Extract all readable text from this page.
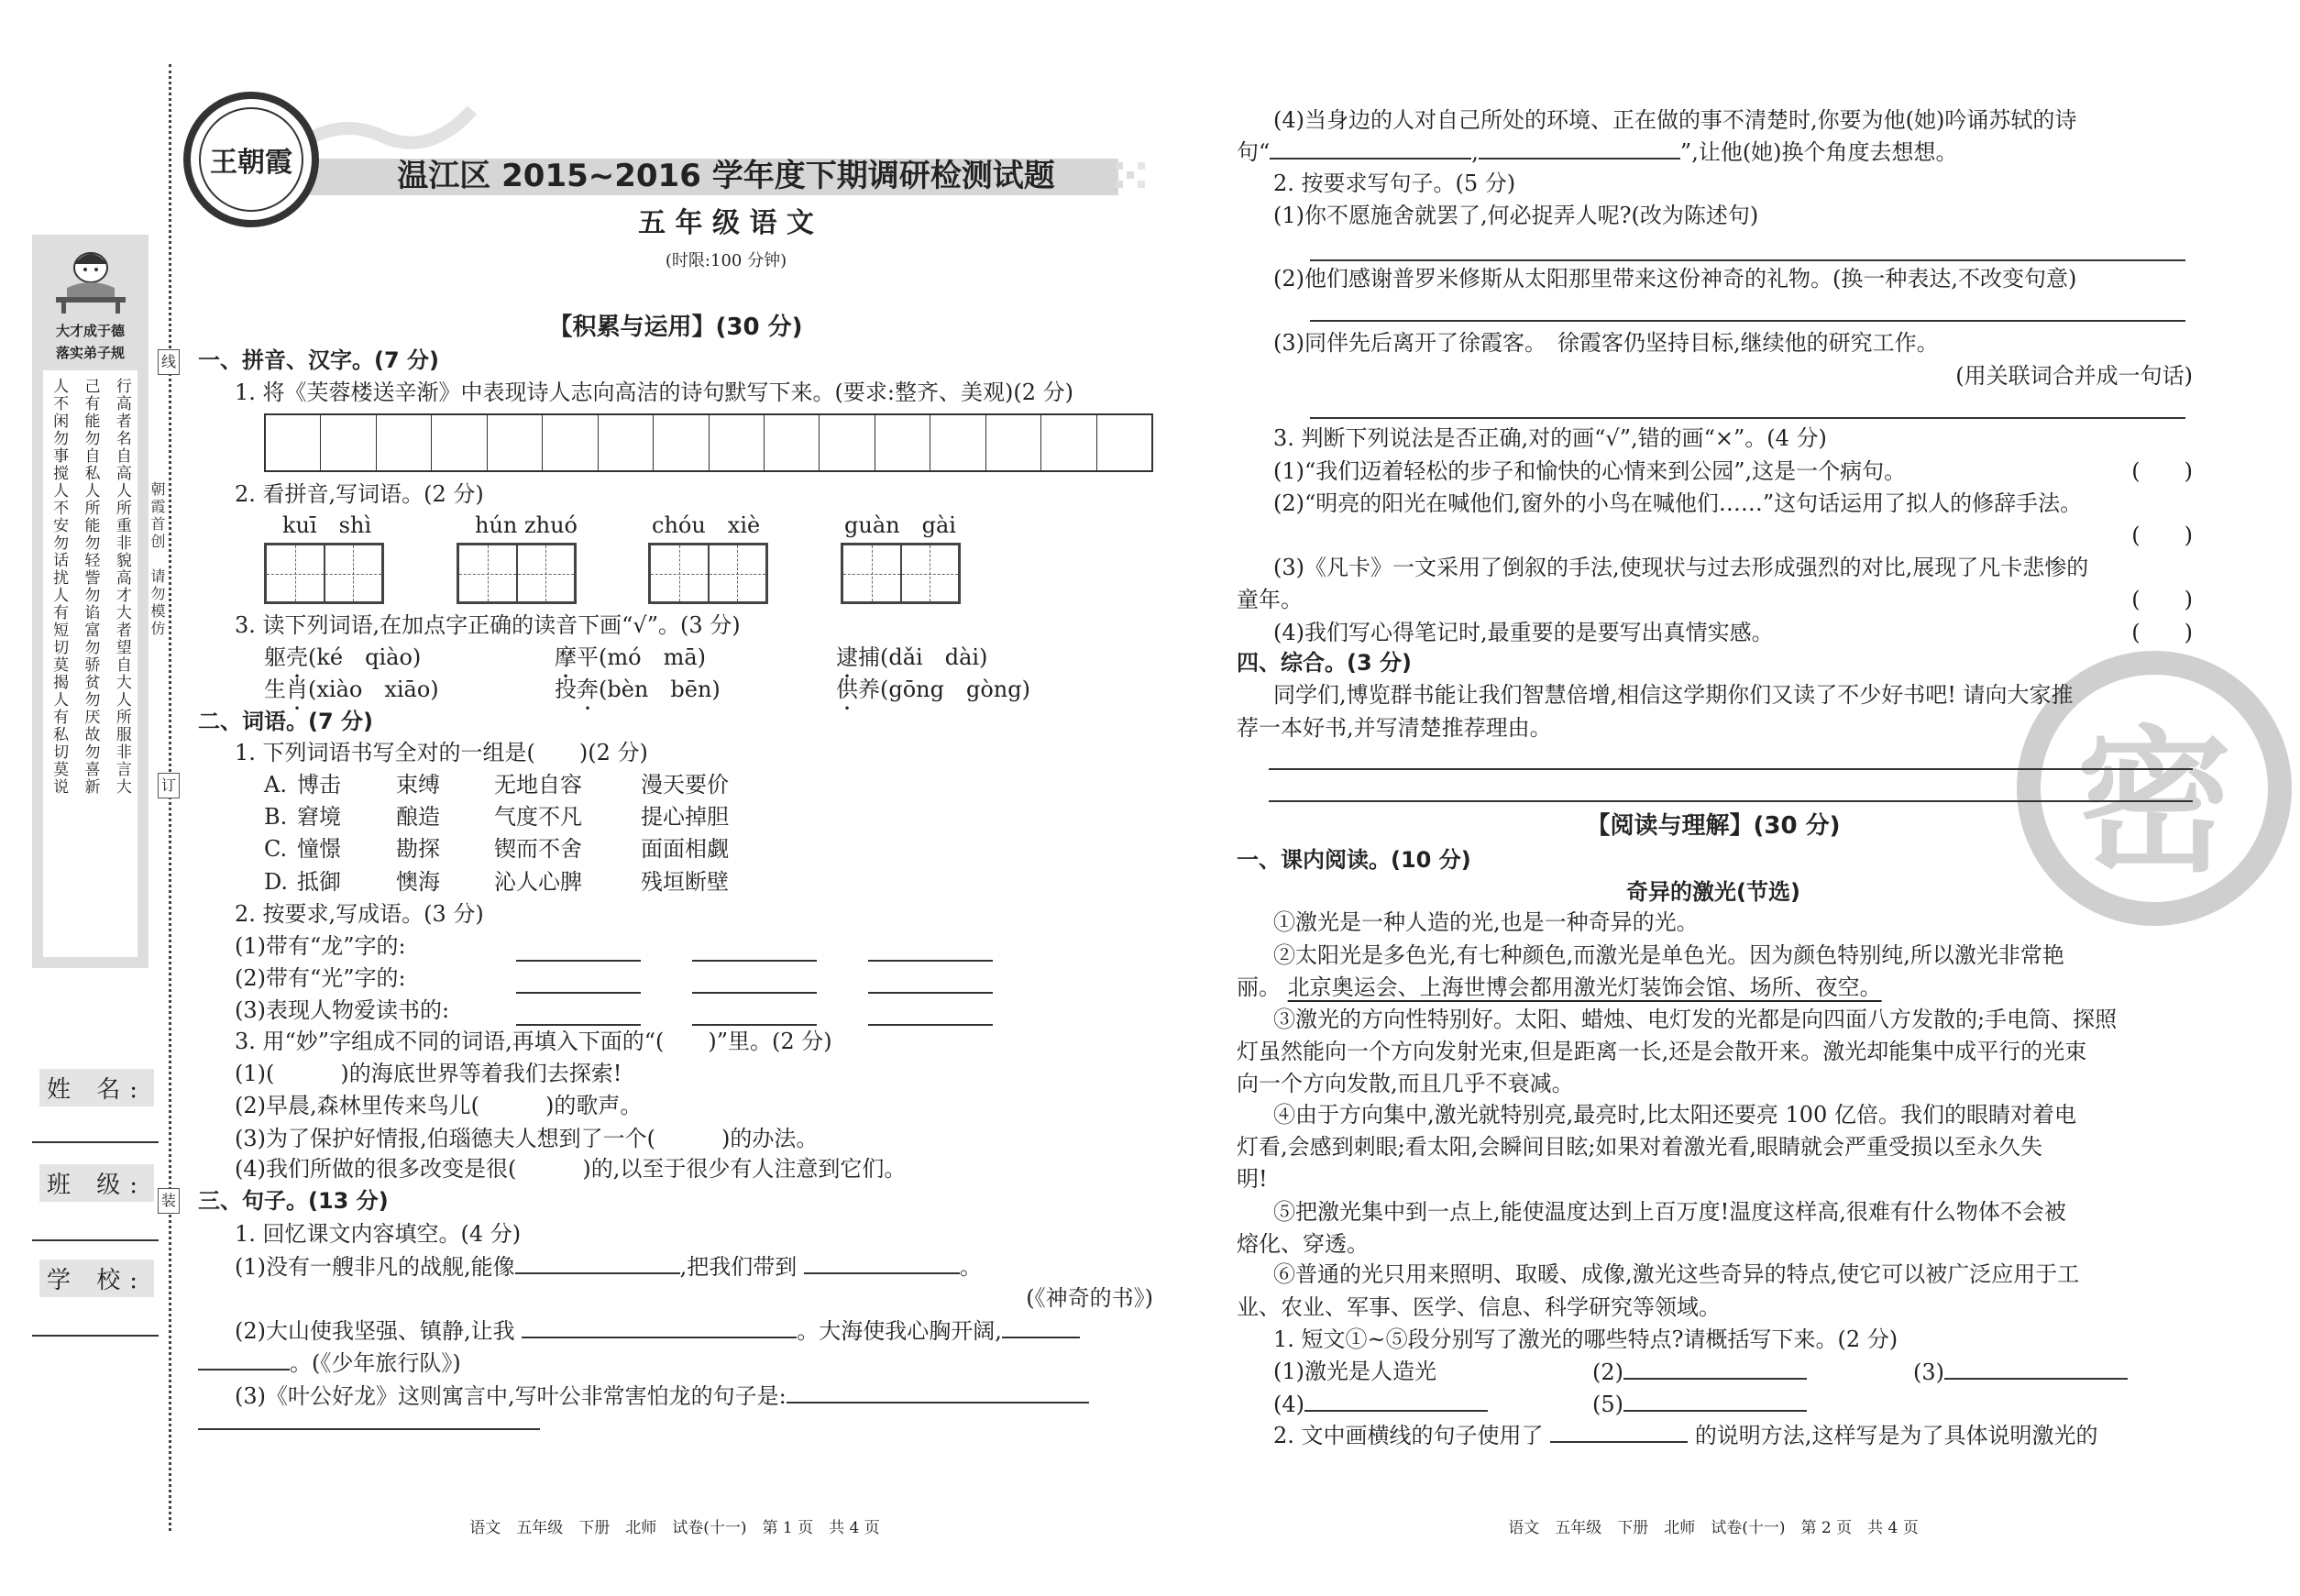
线
订
装
朝霞首创　请勿模仿
大才成于德
落实弟子规
人不闲勿事搅人不安勿话扰人有短切莫揭人有私切莫说 己有能勿自私人所能勿轻訾勿谄富勿骄贫勿厌故勿喜新 行高者名自高人所重非貌高才大者望自大人所服非言大
姓 名:
班 级:
学 校:
王朝霞	温江区 2015~2016 学年度下期调研检测试题
五 年 级 语 文
(时限:100 分钟)
【积累与运用】(30 分)
一、拼音、汉字。(7 分)
1. 将《芙蓉楼送辛渐》中表现诗人志向高洁的诗句默写下来。(要求:整齐、美观)(2 分)
2. 看拼音,写词语。(2 分)
kuī　shì	hún zhuó	chóu　xiè	guàn　gài
3. 读下列词语,在加点字正确的读音下画“√”。(3 分)
躯壳(ké　qiào)	摩平(mó　mā)	逮捕(dǎi　dài)
生肖(xiào　xiāo)	投奔(bèn　bēn)	供养(gōng　gòng)
二、词语。(7 分)
1. 下列词语书写全对的一组是(　　)(2 分)
A. 博击	束缚 无地自容	漫天要价
B. 窘境	酿造 气度不凡	提心掉胆
C. 憧憬	勘探 锲而不舍	面面相觑
D. 抵御	懊海 沁人心脾	残垣断壁
2. 按要求,写成语。(3 分)
(1)带有“龙”字的:
(2)带有“光”字的:
(3)表现人物爱读书的:
3. 用“妙”字组成不同的词语,再填入下面的“(　　)”里。(2 分)
(1)(　　　)的海底世界等着我们去探索!
(2)早晨,森林里传来鸟儿(　　　)的歌声。
(3)为了保护好情报,伯瑙德夫人想到了一个(　　　)的办法。
(4)我们所做的很多改变是很(　　　)的,以至于很少有人注意到它们。
三、句子。(13 分)
1. 回忆课文内容填空。(4 分)
(1)没有一艘非凡的战舰,能像	,把我们带到	。
(《神奇的书》)
(2)大山使我坚强、镇静,让我	。大海使我心胸开阔,
。(《少年旅行队》)
(3)《叶公好龙》这则寓言中,写叶公非常害怕龙的句子是:
语文　五年级　下册　北师　试卷(十一)　第 1 页　共 4 页
密
(4)当身边的人对自己所处的环境、正在做的事不清楚时,你要为他(她)吟诵苏轼的诗
句“	,	”,让他(她)换个角度去想想。
2. 按要求写句子。(5 分)
(1)你不愿施舍就罢了,何必捉弄人呢?(改为陈述句)
(2)他们感谢普罗米修斯从太阳那里带来这份神奇的礼物。(换一种表达,不改变句意)
(3)同伴先后离开了徐霞客。　徐霞客仍坚持目标,继续他的研究工作。
(用关联词合并成一句话)
3. 判断下列说法是否正确,对的画“√”,错的画“×”。(4 分)
(1)“我们迈着轻松的步子和愉快的心情来到公园”,这是一个病句。	(　　)
(2)“明亮的阳光在喊他们,窗外的小鸟在喊他们……”这句话运用了拟人的修辞手法。
(　　)
(3)《凡卡》一文采用了倒叙的手法,使现状与过去形成强烈的对比,展现了凡卡悲惨的
童年。	(　　)
(4)我们写心得笔记时,最重要的是要写出真情实感。	(　　)
四、综合。(3 分)
同学们,博览群书能让我们智慧倍增,相信这学期你们又读了不少好书吧! 请向大家推
荐一本好书,并写清楚推荐理由。
【阅读与理解】(30 分)
一、课内阅读。(10 分)
奇异的激光(节选)
①激光是一种人造的光,也是一种奇异的光。
②太阳光是多色光,有七种颜色,而激光是单色光。因为颜色特别纯,所以激光非常艳
丽。 北京奥运会、上海世博会都用激光灯装饰会馆、场所、夜空。
③激光的方向性特别好。太阳、蜡烛、电灯发的光都是向四面八方发散的;手电筒、探照
灯虽然能向一个方向发射光束,但是距离一长,还是会散开来。激光却能集中成平行的光束
向一个方向发散,而且几乎不衰减。
④由于方向集中,激光就特别亮,最亮时,比太阳还要亮 100 亿倍。我们的眼睛对着电
灯看,会感到刺眼;看太阳,会瞬间目眩;如果对着激光看,眼睛就会严重受损以至永久失
明!
⑤把激光集中到一点上,能使温度达到上百万度!温度这样高,很难有什么物体不会被
熔化、穿透。
⑥普通的光只用来照明、取暖、成像,激光这些奇异的特点,使它可以被广泛应用于工
业、农业、军事、医学、信息、科学研究等领域。
1. 短文①~⑤段分别写了激光的哪些特点?请概括写下来。(2 分)
(1)激光是人造光	(2)	(3)
(4)	(5)
2. 文中画横线的句子使用了	的说明方法,这样写是为了具体说明激光的
语文　五年级　下册　北师　试卷(十一)　第 2 页　共 4 页
